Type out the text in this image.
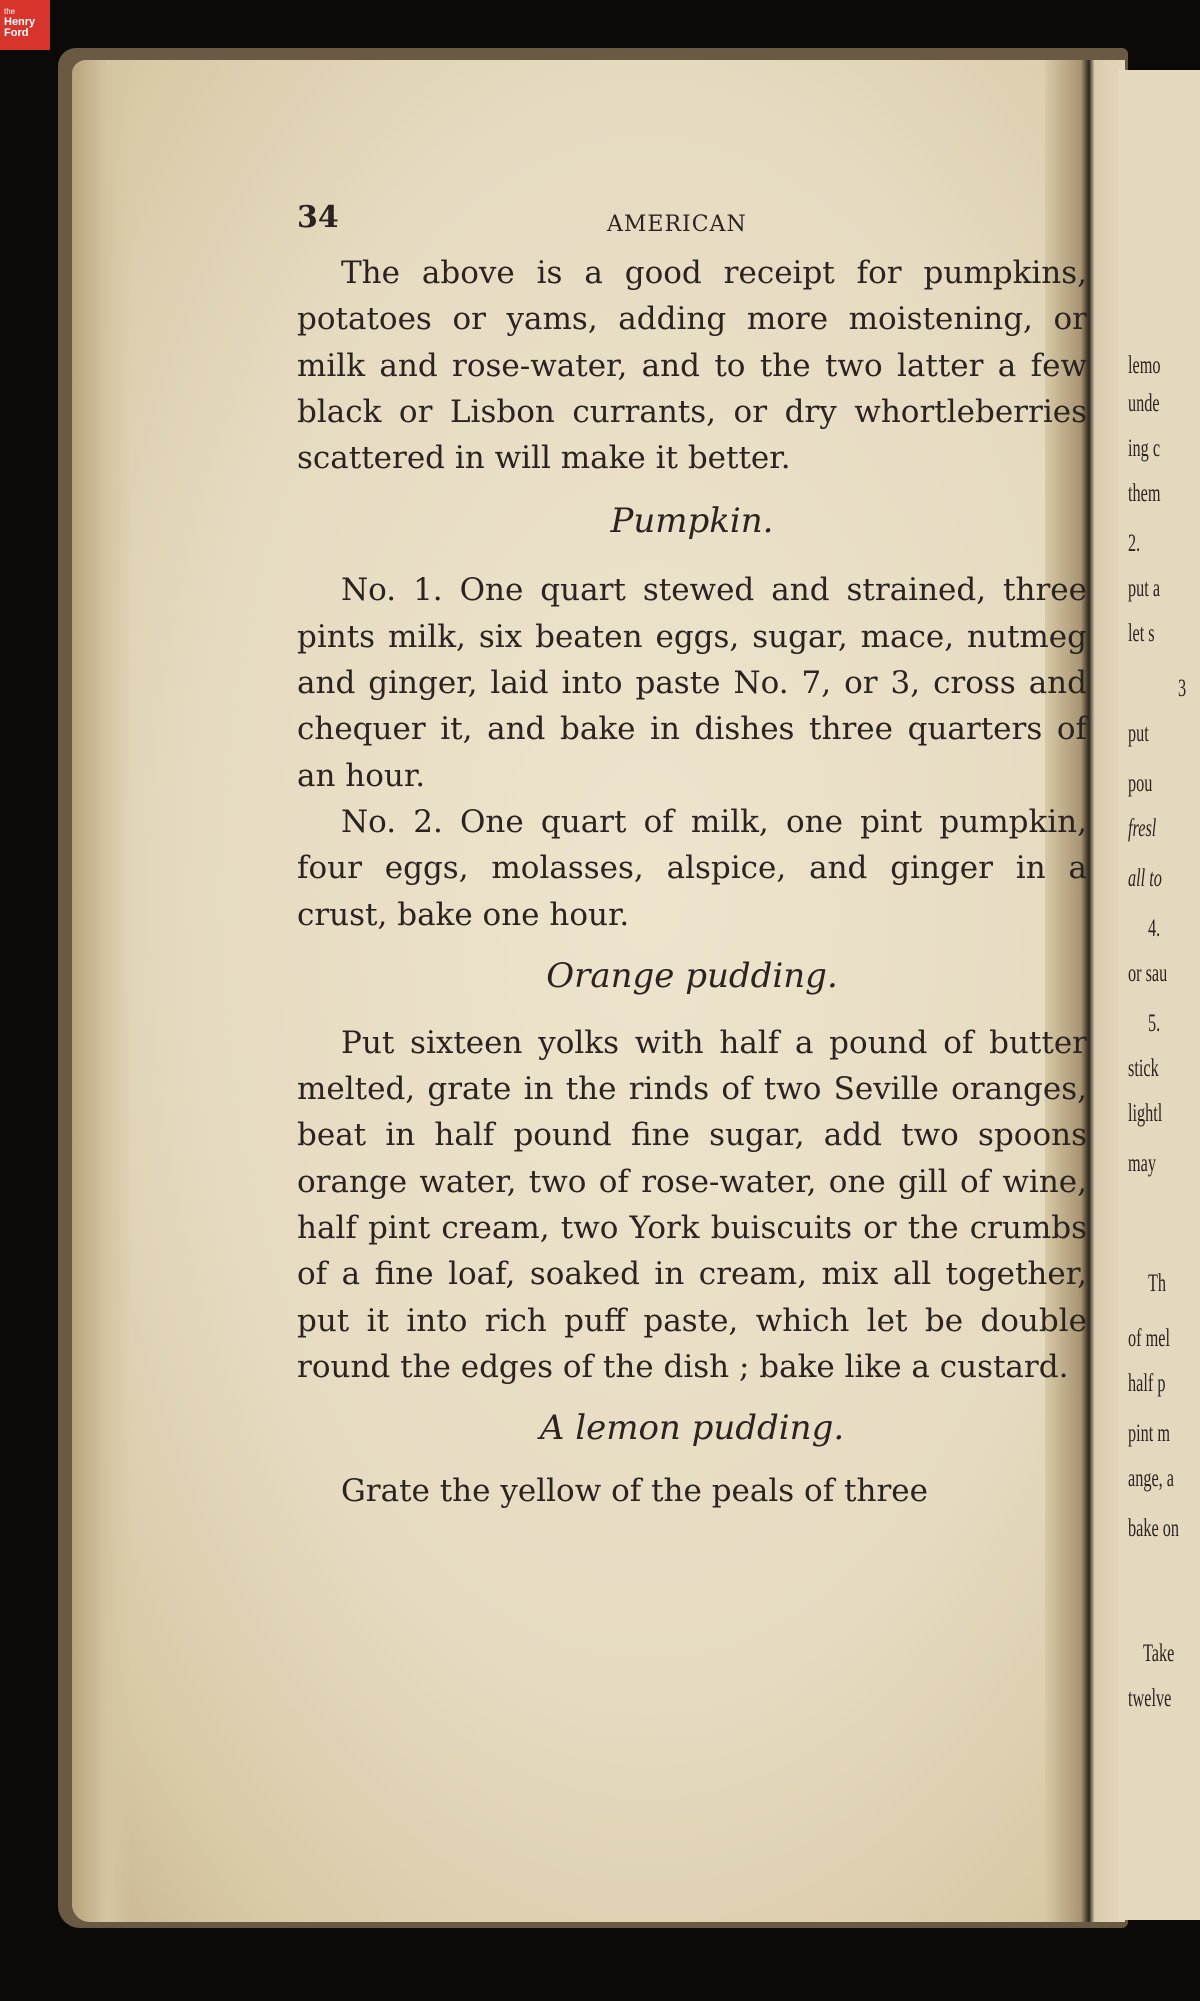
the
Henry
Ford
lemo
unde
ing c
them
2.
put a
let s
3
put
pou
fresl
all to
4.
or sau
5.
stick
lightl
may
Th
of mel
half p
pint m
ange, a
bake on
Take
twelve
34	AMERICAN

The above is a good receipt for pumpkins, potatoes or yams, adding more moistening, or milk and rose-water, and to the two latter a few black or Lisbon currants, or dry whortleberries scattered in will make it better.

Pumpkin.

No. 1. One quart stewed and strained, three pints milk, six beaten eggs, sugar, mace, nutmeg and ginger, laid into paste No. 7, or 3, cross and chequer it, and bake in dishes three quarters of an hour.

No. 2. One quart of milk, one pint pumpkin, four eggs, molasses, alspice, and ginger in a crust, bake one hour.

Orange pudding.

Put sixteen yolks with half a pound of butter melted, grate in the rinds of two Seville oranges, beat in half pound fine sugar, add two spoons orange water, two of rose-water, one gill of wine, half pint cream, two York buiscuits or the crumbs of a fine loaf, soaked in cream, mix all together, put it into rich puff paste, which let be double round the edges of the dish ; bake like a custard.

A lemon pudding.

Grate the yellow of the peals of three
